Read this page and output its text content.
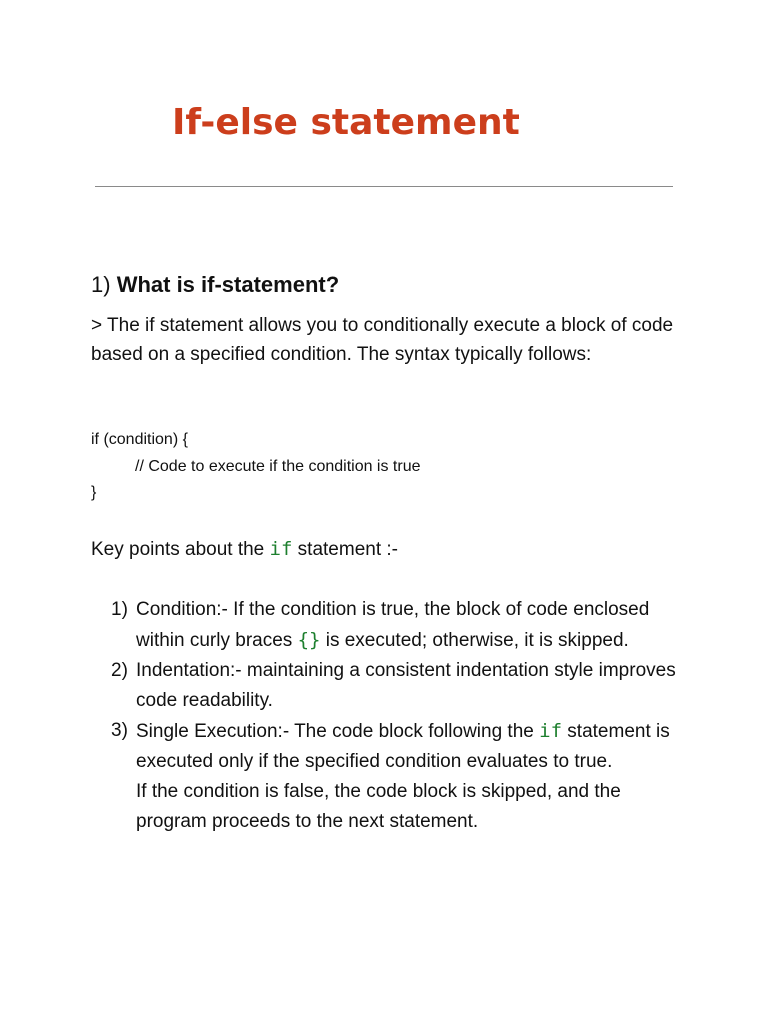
If-else statement
1) What is if-statement?

> The if statement allows you to conditionally execute a block of code based on a specified condition. The syntax typically follows:

if (condition) {
// Code to execute if the condition is true
}

Key points about the if statement :-

1) Condition:- If the condition is true, the block of code enclosed within curly braces {} is executed; otherwise, it is skipped.
2) Indentation:- maintaining a consistent indentation style improves code readability.
3) Single Execution:- The code block following the if statement is executed only if the specified condition evaluates to true.
If the condition is false, the code block is skipped, and the program proceeds to the next statement.
